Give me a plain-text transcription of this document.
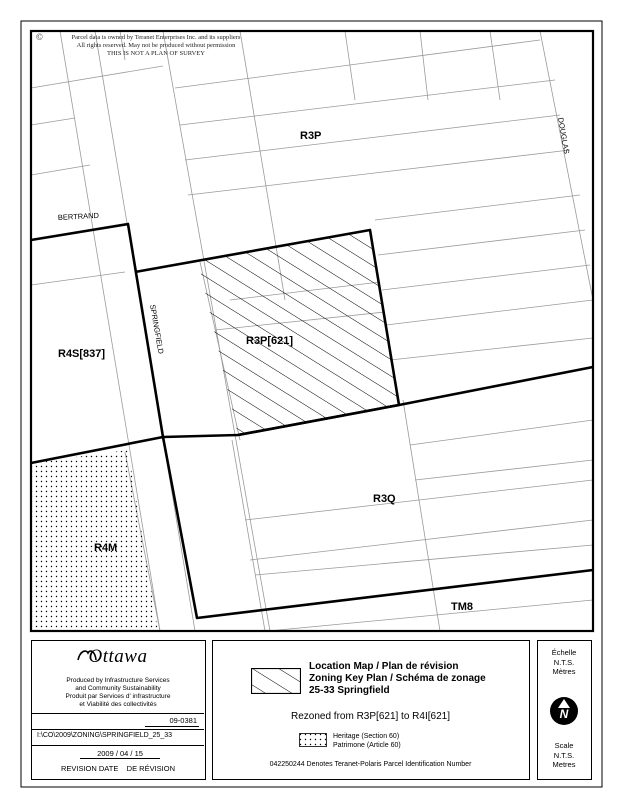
SPRINGFIELD
DOUGLAS
BERTRAND
R3P
R3P[621]
R4S[837]
R4M
R3Q
TM8
©	Parcel data is owned by Teranet Enterprises Inc. and its suppliers
All rights reserved. May not be produced without permission
THIS IS NOT A PLAN OF SURVEY
Ottawa
Produced by Infrastructure Services
and Community Sustainability
Produit par Services d' infrastructure
et Viabilité des collectivités
09-0381
I:\CO\2009\ZONING\SPRINGFIELD_25_33
2009 / 04 / 15
REVISION DATE    DE RÉVISION
Location Map / Plan de révision
Zoning Key Plan / Schéma de zonage
25-33 Springfield
Rezoned from R3P[621] to R4I[621]
Heritage (Section 60)
Patrimone (Article 60)
042250244 Denotes Teranet-Polaris Parcel Identification Number
Échelle
N.T.S.
Mètres
N
Scale
N.T.S.
Metres
